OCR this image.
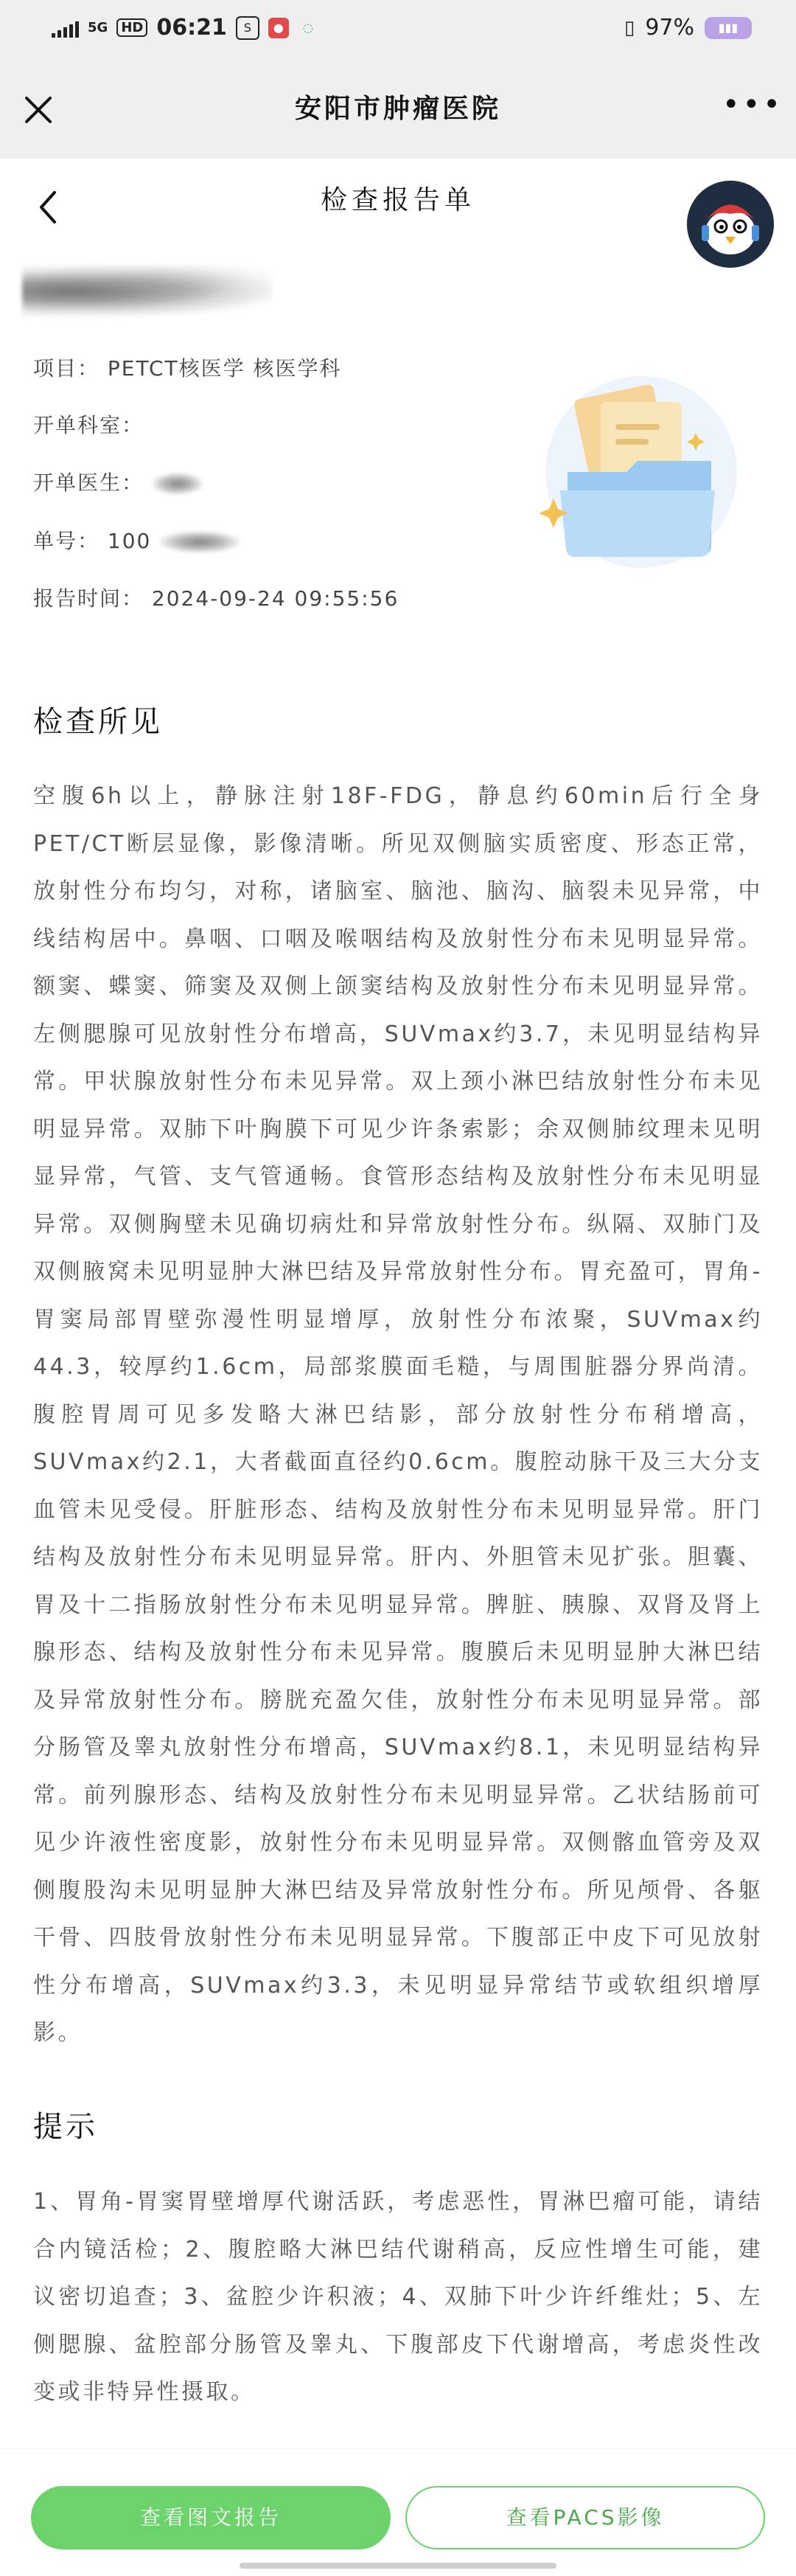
5G	HD 06:21	S	●	◌	▯ 97%	▮▮▮
安阳市肿瘤医院	•••
检查报告单
项目： PETCT核医学 核医学科
开单科室：
开单医生：
单号： 100
报告时间： 2024-09-24 09:55:56
检查所见
空腹6h以上，静脉注射18F-FDG，静息约60min后行全身PET/CT断层显像，影像清晰。所见双侧脑实质密度、形态正常，放射性分布均匀，对称，诸脑室、脑池、脑沟、脑裂未见异常，中线结构居中。鼻咽、口咽及喉咽结构及放射性分布未见明显异常。额窦、蝶窦、筛窦及双侧上颌窦结构及放射性分布未见明显异常。左侧腮腺可见放射性分布增高，SUVmax约3.7，未见明显结构异常。甲状腺放射性分布未见异常。双上颈小淋巴结放射性分布未见明显异常。双肺下叶胸膜下可见少许条索影；余双侧肺纹理未见明显异常，气管、支气管通畅。食管形态结构及放射性分布未见明显异常。双侧胸壁未见确切病灶和异常放射性分布。纵隔、双肺门及双侧腋窝未见明显肿大淋巴结及异常放射性分布。胃充盈可，胃角-胃窦局部胃壁弥漫性明显增厚，放射性分布浓聚，SUVmax约44.3，较厚约1.6cm，局部浆膜面毛糙，与周围脏器分界尚清。腹腔胃周可见多发略大淋巴结影，部分放射性分布稍增高，SUVmax约2.1，大者截面直径约0.6cm。腹腔动脉干及三大分支血管未见受侵。肝脏形态、结构及放射性分布未见明显异常。肝门结构及放射性分布未见明显异常。肝内、外胆管未见扩张。胆囊、胃及十二指肠放射性分布未见明显异常。脾脏、胰腺、双肾及肾上腺形态、结构及放射性分布未见异常。腹膜后未见明显肿大淋巴结及异常放射性分布。膀胱充盈欠佳，放射性分布未见明显异常。部分肠管及睾丸放射性分布增高，SUVmax约8.1，未见明显结构异常。前列腺形态、结构及放射性分布未见明显异常。乙状结肠前可见少许液性密度影，放射性分布未见明显异常。双侧髂血管旁及双侧腹股沟未见明显肿大淋巴结及异常放射性分布。所见颅骨、各躯干骨、四肢骨放射性分布未见明显异常。下腹部正中皮下可见放射性分布增高，SUVmax约3.3，未见明显异常结节或软组织增厚影。
提示
1、胃角-胃窦胃壁增厚代谢活跃，考虑恶性，胃淋巴瘤可能，请结合内镜活检；2、腹腔略大淋巴结代谢稍高，反应性增生可能，建议密切追查；3、盆腔少许积液；4、双肺下叶少许纤维灶；5、左侧腮腺、盆腔部分肠管及睾丸、下腹部皮下代谢增高，考虑炎性改变或非特异性摄取。
查看图文报告	查看PACS影像
